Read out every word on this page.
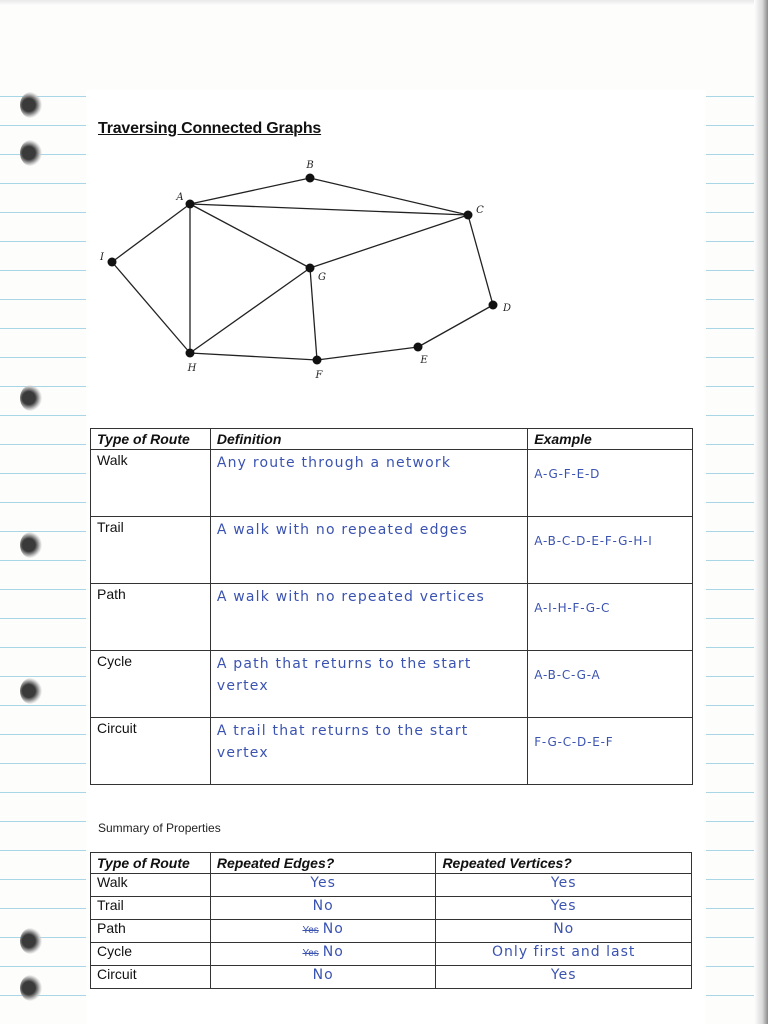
Traversing Connected Graphs
A
B
C
D
E
F
G
H
I
Type of Route	Definition	Example
Walk	Any route through a network	A-G-F-E-D

Trail	A walk with no repeated edges	A-B-C-D-E-F-G-H-I

Path	A walk with no repeated vertices	A-I-H-F-G-C

Cycle	A path that returns to the start vertex	A-B-C-G-A

Circuit	A trail that returns to the start vertex	F-G-C-D-E-F
Summary of Properties
Type of Route	Repeated Edges?	Repeated Vertices?
Walk	Yes	Yes
Trail	No	Yes
Path	Yes No	No
Cycle	Yes No	Only first and last
Circuit	No	Yes
